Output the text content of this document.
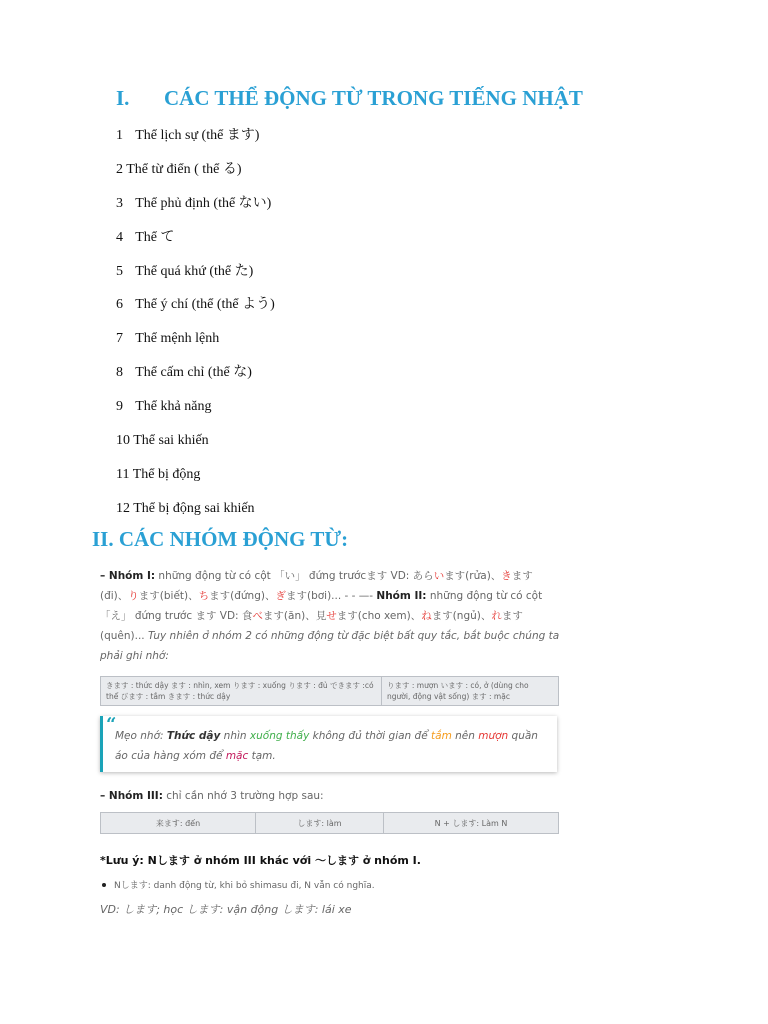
I. CÁC THỂ ĐỘNG TỪ TRONG TIẾNG NHẬT
1 Thể lịch sự (thể ます)
2 Thể từ điển ( thể る)
3 Thể phủ định (thể ない)
4 Thể て
5 Thể quá khứ (thể た)
6 Thể ý chí (thể (thể よう)
7 Thể mệnh lệnh
8 Thể cấm chỉ (thể な)
9 Thể khả năng
10 Thể sai khiến
11 Thể bị động
12 Thể bị động sai khiến
II. CÁC NHÓM ĐỘNG TỪ:

– Nhóm I: những động từ có cột 「い」 đứng trướcます VD: あらいます(rửa)、きます(đi)、ります(biết)、ちます(đứng)、ぎます(bơi)... - - —- Nhóm II: những động từ có cột 「え」 đứng trước ます VD: 食べます(ăn)、見せます(cho xem)、ねます(ngủ)、れます(quên)... Tuy nhiên ở nhóm 2 có những động từ đặc biệt bất quy tắc, bắt buộc chúng ta phải ghi nhớ:

きます : thức dậy ます : nhìn, xem ります : xuống ります : đủ できます :có thể びます : tắm きます : thức dậy	ります : mượn います : có, ở (dùng cho người, động vật sống) ます : mặc
“
Mẹo nhớ: Thức dậy nhìn xuống thấy không đủ thời gian để tắm nên mượn quần áo của hàng xóm để mặc tạm.

– Nhóm III: chỉ cần nhớ 3 trường hợp sau:

来ます: đến	します: làm	N + します: Làm N
*Lưu ý: Nします ở nhóm III khác với ～します ở nhóm I.
Nします: danh động từ, khi bỏ shimasu đi, N vẫn có nghĩa.
VD: します; học します: vận động します: lái xe
